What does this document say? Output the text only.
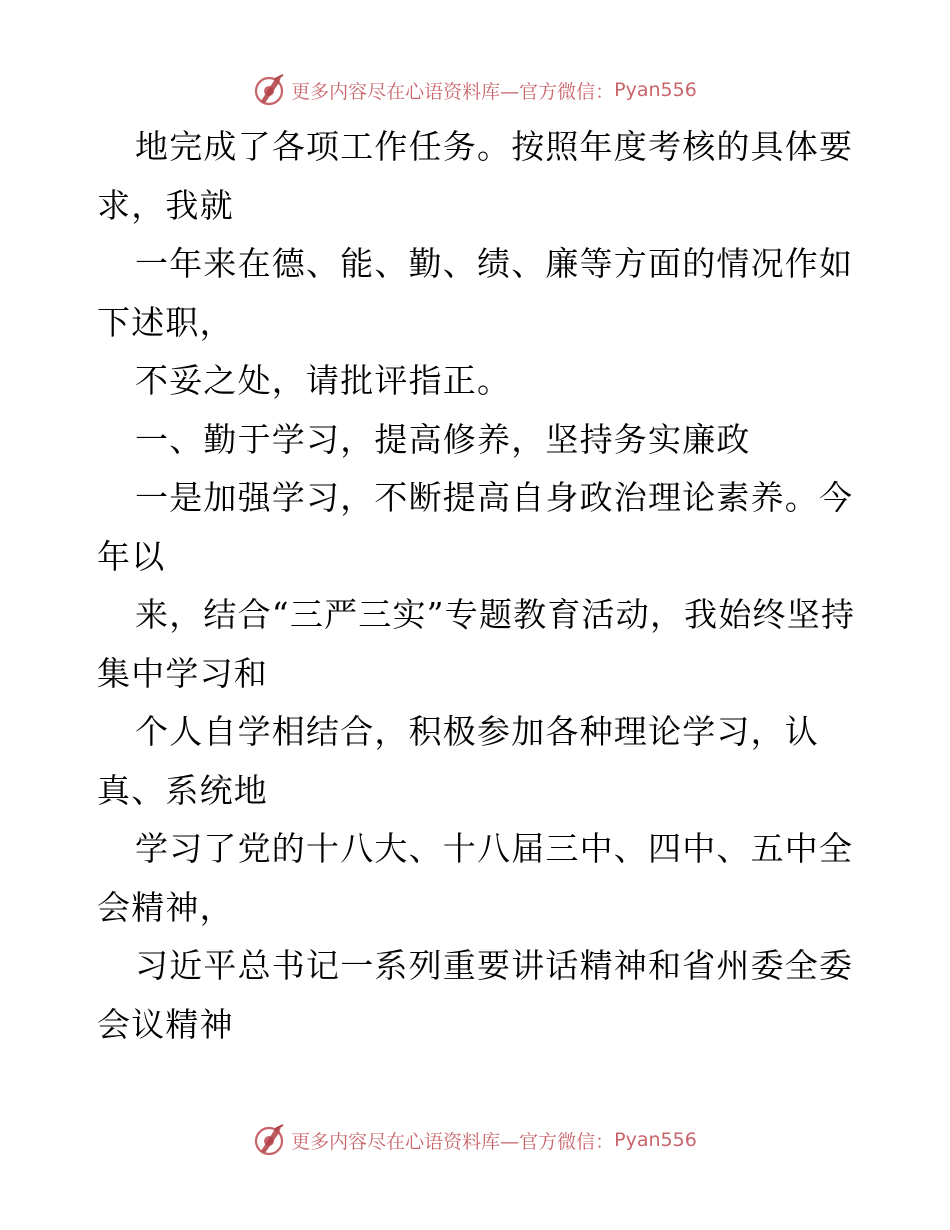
更多内容尽在心语资料库—官方微信： Pyan556

地完成了各项工作任务。按照年度考核的具体要求，我就

一年来在德、能、勤、绩、廉等方面的情况作如下述职，

不妥之处，请批评指正。

一、勤于学习，提高修养，坚持务实廉政

一是加强学习，不断提高自身政治理论素养。今年以

来，结合“三严三实”专题教育活动，我始终坚持集中学习和

个人自学相结合，积极参加各种理论学习，认真、系统地

学习了党的十八大、十八届三中、四中、五中全会精神，

习近平总书记一系列重要讲话精神和省州委全委会议精神

更多内容尽在心语资料库—官方微信： Pyan556
